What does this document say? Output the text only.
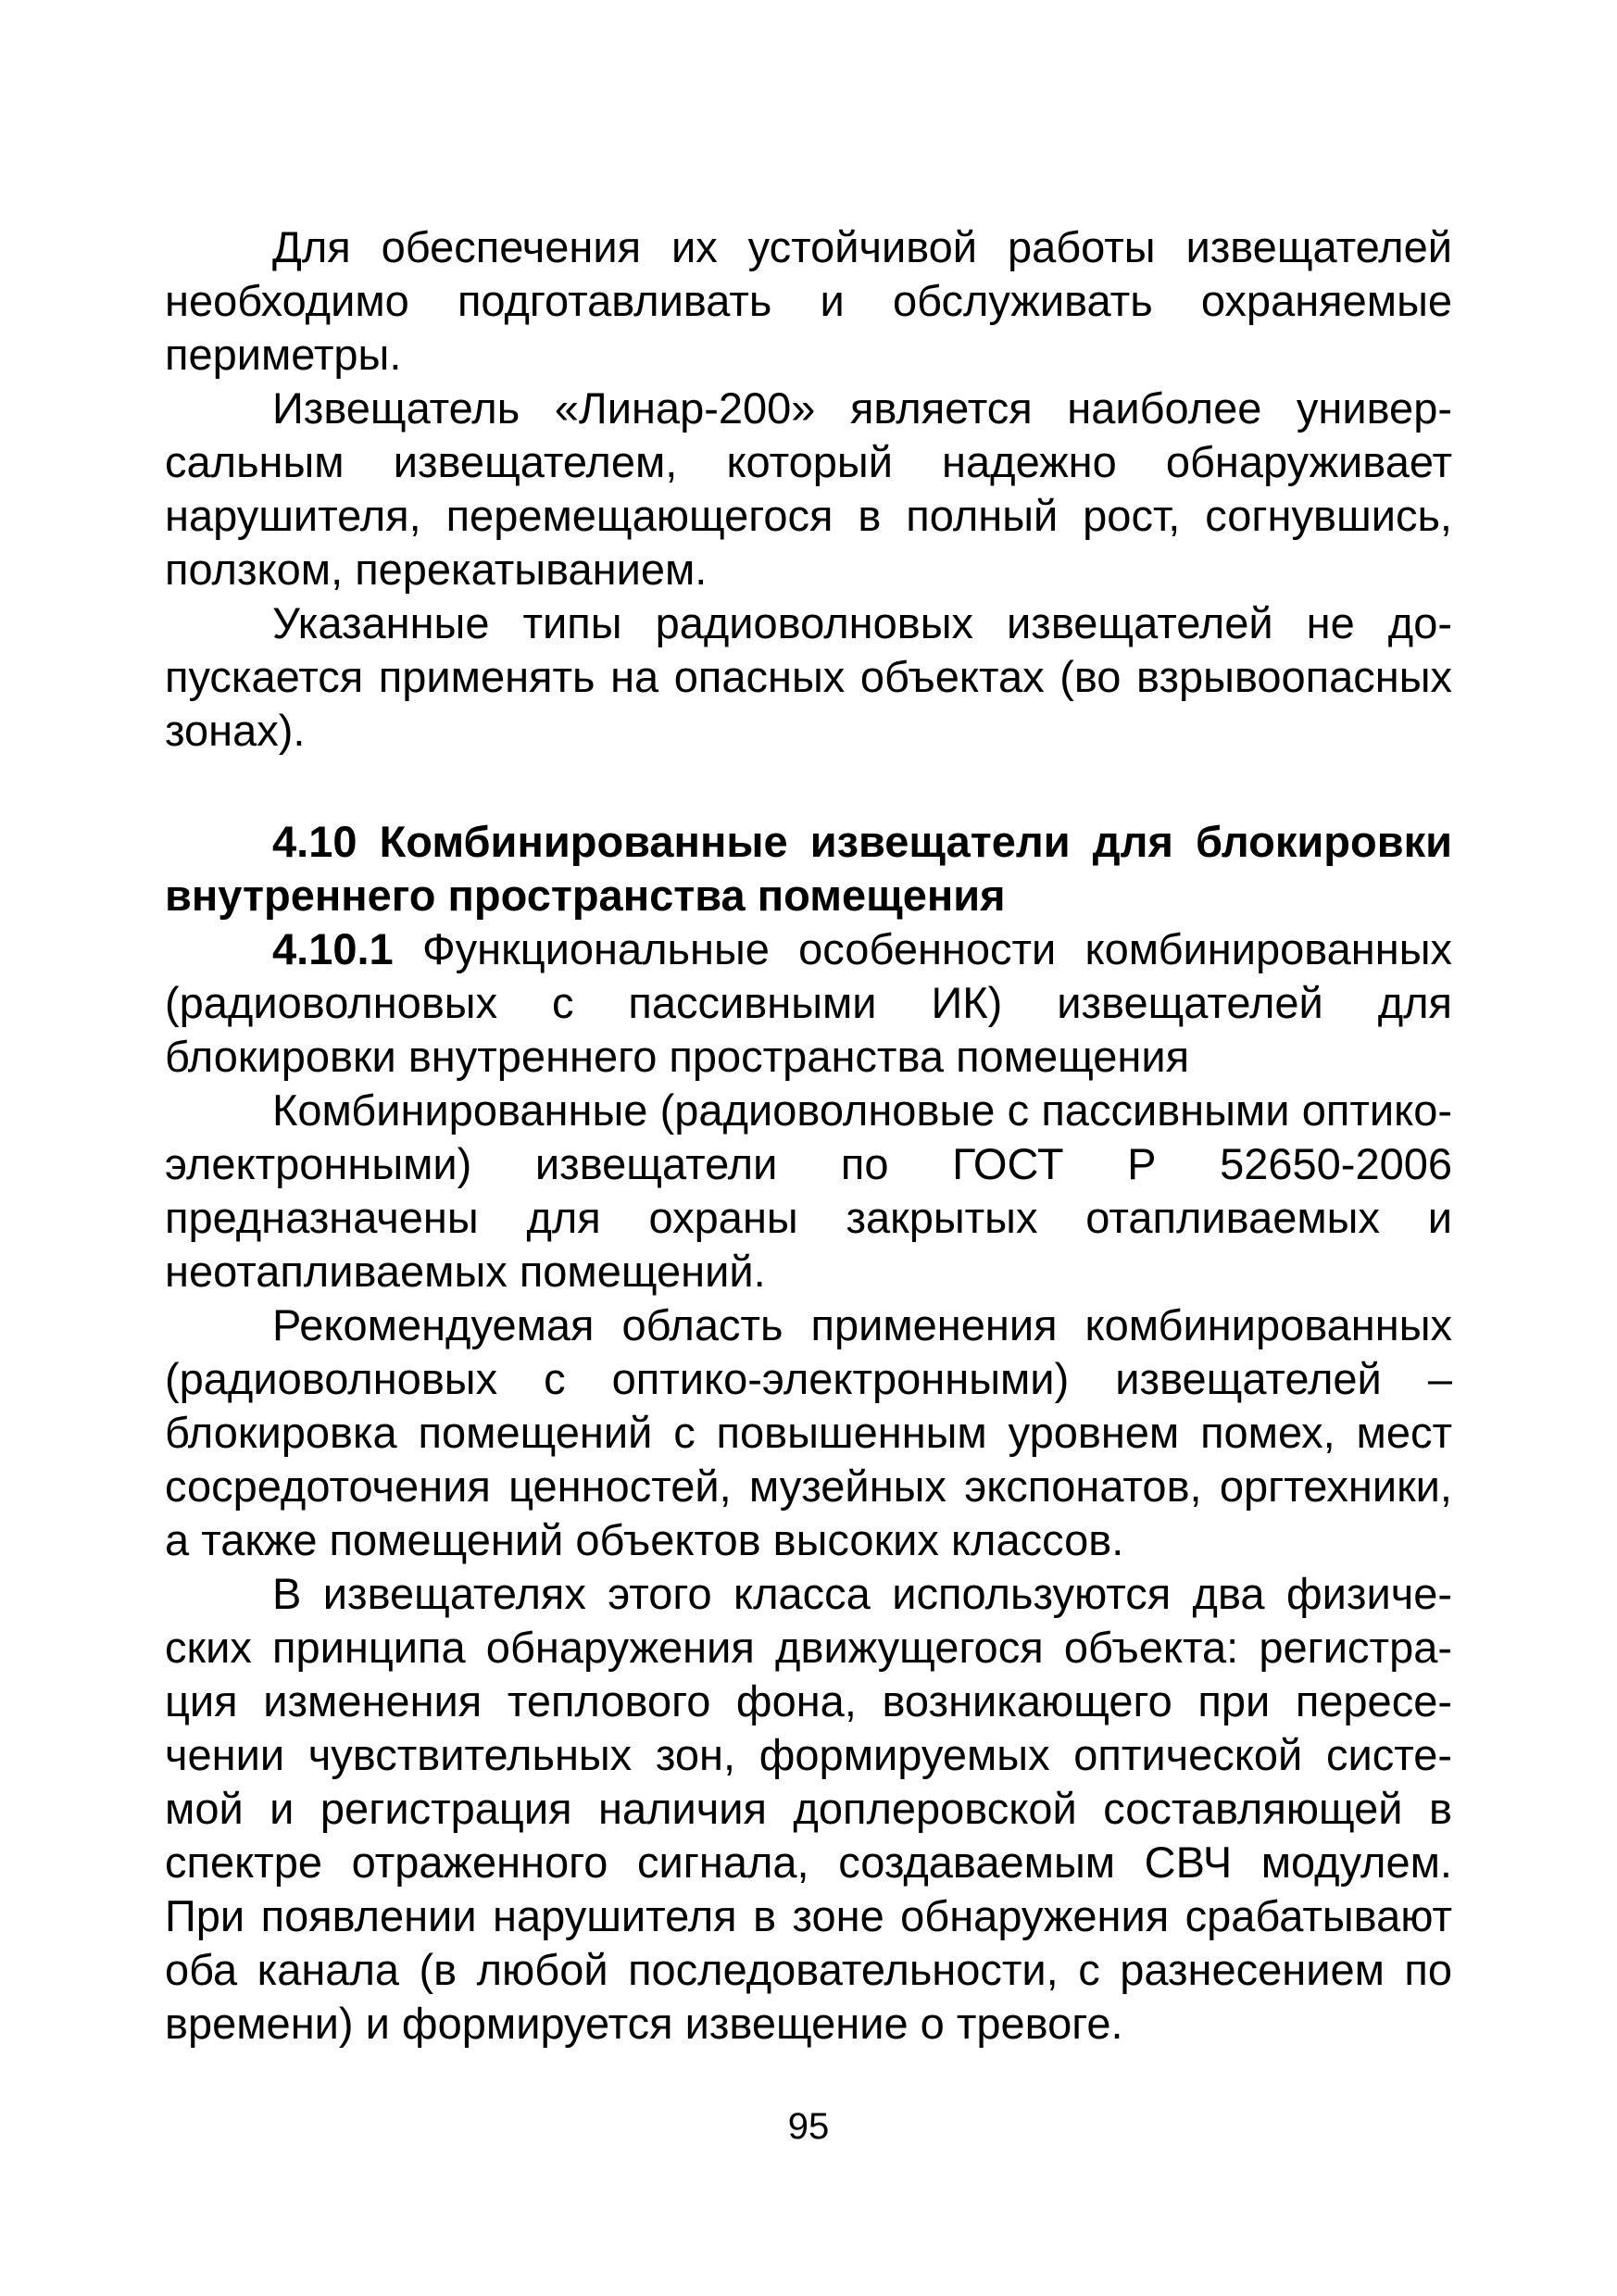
Для обеспечения их устойчивой работы извещателей необходимо подготавливать и обслуживать охраняемые периметры.

Извещатель «Линар-200» является наиболее универсальным извещателем, который надежно обнаруживает нарушителя, перемещающегося в полный рост, согнувшись, ползком, перекатыванием.

Указанные типы радиоволновых извещателей не допускается применять на опасных объектах (во взрывоопасных зонах).

4.10 Комбинированные извещатели для блокировки внутреннего пространства помещения

4.10.1 Функциональные особенности комбинированных (радиоволновых с пассивными ИК) извещателей для блокировки внутреннего пространства помещения

Комбинированные (радиоволновые с пассивными оптико-электронными) извещатели по ГОСТ Р 52650-2006 предназначены для охраны закрытых отапливаемых и неотапливаемых помещений.

Рекомендуемая область применения комбинированных (радиоволновых с оптико-электронными) извещателей – блокировка помещений с повышенным уровнем помех, мест сосредоточения ценностей, музейных экспонатов, оргтехники, а также помещений объектов высоких классов.

В извещателях этого класса используются два физических принципа обнаружения движущегося объекта: регистрация изменения теплового фона, возникающего при пересечении чувствительных зон, формируемых оптической системой и регистрация наличия доплеровской составляющей в спектре отраженного сигнала, создаваемым СВЧ модулем. При появлении нарушителя в зоне обнаружения срабатывают оба канала (в любой последовательности, с разнесением по времени) и формируется извещение о тревоге.

95
